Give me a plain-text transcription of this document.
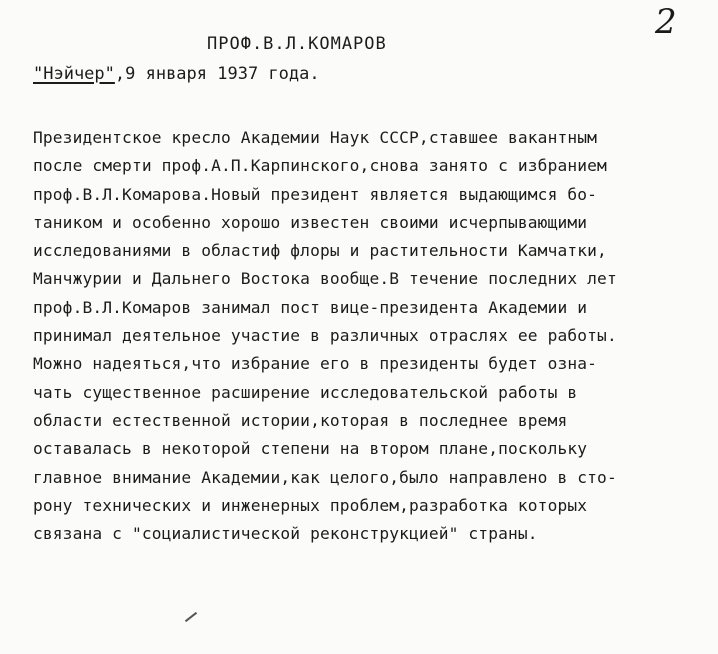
2
ПРОФ.В.Л.КОМАРОВ
"Нэйчер",9 января 1937 года.
Президентское кресло Академии Наук СССР,ставшее вакантным
после смерти проф.А.П.Карпинского,снова занято с избранием
проф.В.Л.Комарова.Новый президент является выдающимся бо-
таником и особенно хорошо известен своими исчерпывающими
исследованиями в областиф флоры и растительности Камчатки,
Манчжурии и Дальнего Востока вообще.В течение последних лет
проф.В.Л.Комаров занимал пост вице-президента Академии и
принимал деятельное участие в различных отраслях ее работы.
Можно надеяться,что избрание его в президенты будет озна-
чать существенное расширение исследовательской работы в
области естественной истории,которая в последнее время
оставалась в некоторой степени на втором плане,поскольку
главное внимание Академии,как целого,было направлено в сто-
рону технических и инженерных проблем,разработка которых
связана с "социалистической реконструкцией" страны.
